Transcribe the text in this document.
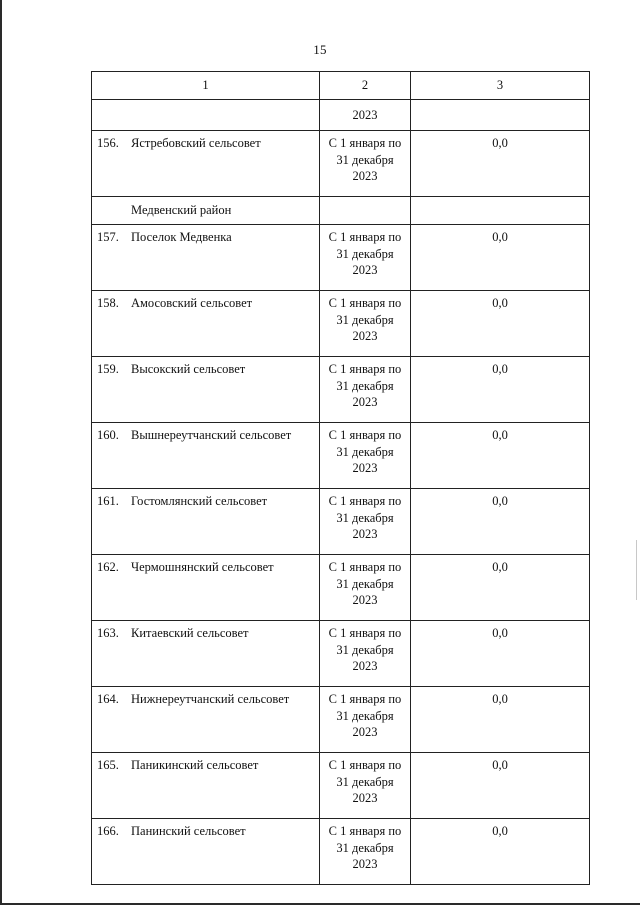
15
1	2	3
	2023	
156. Ястребовский сельсовет	С 1 января по
31 декабря
2023	0,0
Медвенский район		
157. Поселок Медвенка	С 1 января по
31 декабря
2023	0,0
158. Амосовский сельсовет	С 1 января по
31 декабря
2023	0,0
159. Высокский сельсовет	С 1 января по
31 декабря
2023	0,0
160. Вышнереутчанский сельсовет	С 1 января по
31 декабря
2023	0,0
161. Гостомлянский сельсовет	С 1 января по
31 декабря
2023	0,0
162. Чермошнянский сельсовет	С 1 января по
31 декабря
2023	0,0
163. Китаевский сельсовет	С 1 января по
31 декабря
2023	0,0
164. Нижнереутчанский сельсовет	С 1 января по
31 декабря
2023	0,0
165. Паникинский сельсовет	С 1 января по
31 декабря
2023	0,0
166. Панинский сельсовет	С 1 января по
31 декабря
2023	0,0
